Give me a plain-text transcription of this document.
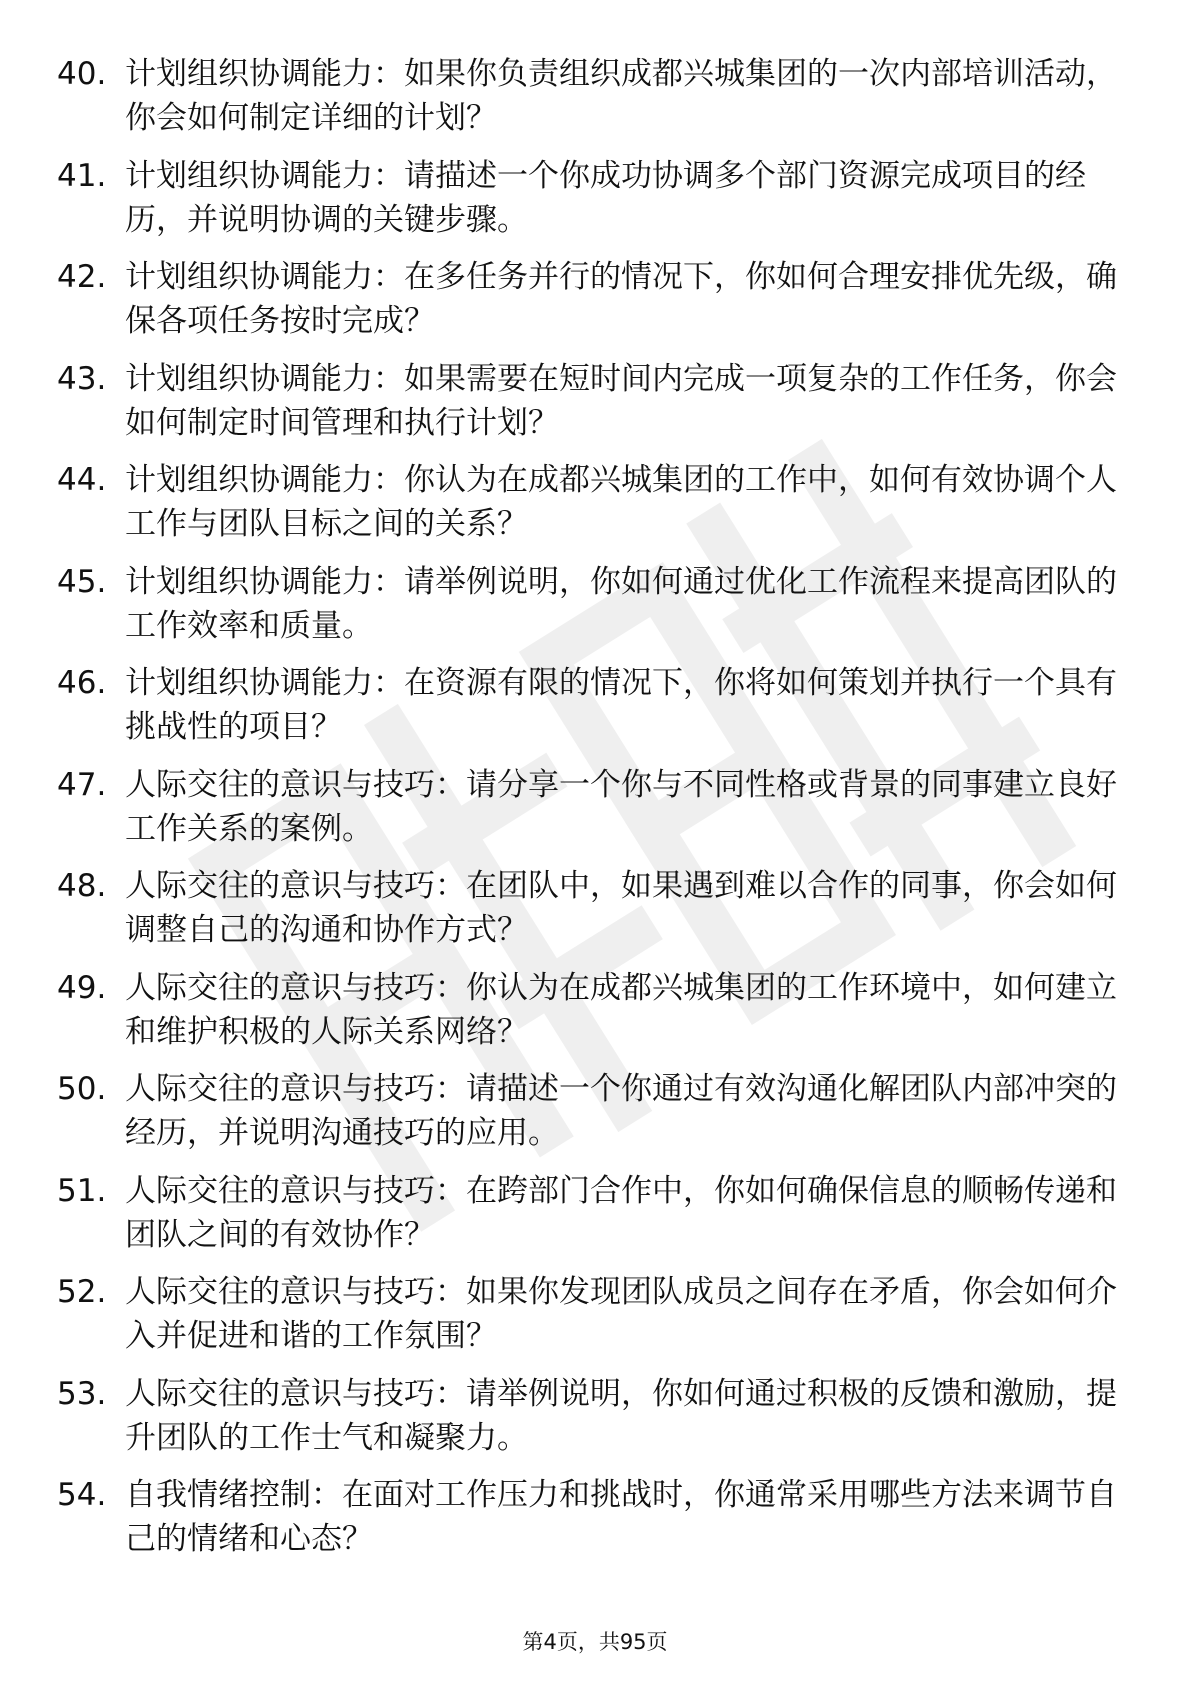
40. 计划组织协调能力：如果你负责组织成都兴城集团的一次内部培训活动，你会如何制定详细的计划？
41. 计划组织协调能力：请描述一个你成功协调多个部门资源完成项目的经历，并说明协调的关键步骤。
42. 计划组织协调能力：在多任务并行的情况下，你如何合理安排优先级，确保各项任务按时完成？
43. 计划组织协调能力：如果需要在短时间内完成一项复杂的工作任务，你会如何制定时间管理和执行计划？
44. 计划组织协调能力：你认为在成都兴城集团的工作中，如何有效协调个人工作与团队目标之间的关系？
45. 计划组织协调能力：请举例说明，你如何通过优化工作流程来提高团队的工作效率和质量。
46. 计划组织协调能力：在资源有限的情况下，你将如何策划并执行一个具有挑战性的项目？
47. 人际交往的意识与技巧：请分享一个你与不同性格或背景的同事建立良好工作关系的案例。
48. 人际交往的意识与技巧：在团队中，如果遇到难以合作的同事，你会如何调整自己的沟通和协作方式？
49. 人际交往的意识与技巧：你认为在成都兴城集团的工作环境中，如何建立和维护积极的人际关系网络？
50. 人际交往的意识与技巧：请描述一个你通过有效沟通化解团队内部冲突的经历，并说明沟通技巧的应用。
51. 人际交往的意识与技巧：在跨部门合作中，你如何确保信息的顺畅传递和团队之间的有效协作？
52. 人际交往的意识与技巧：如果你发现团队成员之间存在矛盾，你会如何介入并促进和谐的工作氛围？
53. 人际交往的意识与技巧：请举例说明，你如何通过积极的反馈和激励，提升团队的工作士气和凝聚力。
54. 自我情绪控制：在面对工作压力和挑战时，你通常采用哪些方法来调节自己的情绪和心态？
第4页，共95页
